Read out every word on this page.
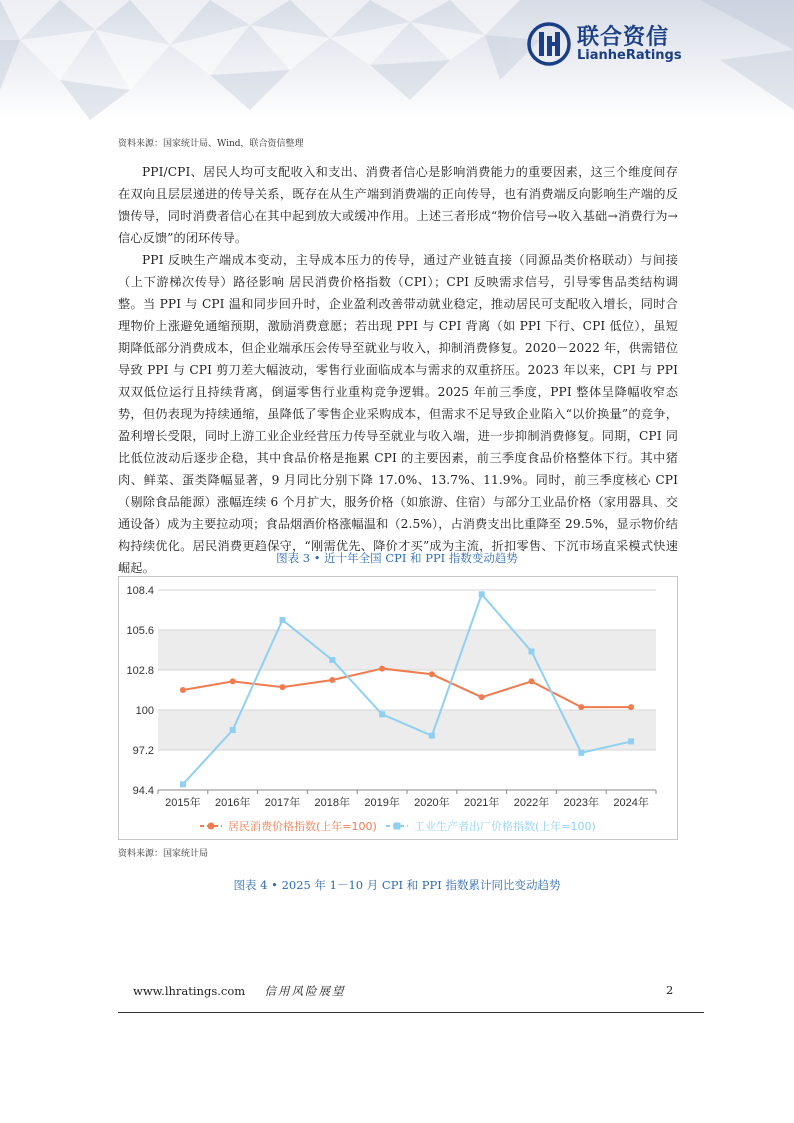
联合资信
LianheRatings
资料来源：国家统计局、Wind，联合资信整理

PPI/CPI、居民人均可支配收入和支出、消费者信心是影响消费能力的重要因素，这三个维度间存在双向且层层递进的传导关系，既存在从生产端到消费端的正向传导，也有消费端反向影响生产端的反馈传导，同时消费者信心在其中起到放大或缓冲作用。上述三者形成“物价信号→收入基础→消费行为→信心反馈”的闭环传导。

PPI 反映生产端成本变动，主导成本压力的传导，通过产业链直接（同源品类价格联动）与间接（上下游梯次传导）路径影响 居民消费价格指数（CPI）；CPI 反映需求信号，引导零售品类结构调整。当 PPI 与 CPI 温和同步回升时，企业盈利改善带动就业稳定，推动居民可支配收入增长，同时合理物价上涨避免通缩预期，激励消费意愿；若出现 PPI 与 CPI 背离（如 PPI 下行、CPI 低位），虽短期降低部分消费成本，但企业端承压会传导至就业与收入，抑制消费修复。2020－2022 年，供需错位导致 PPI 与 CPI 剪刀差大幅波动，零售行业面临成本与需求的双重挤压。2023 年以来，CPI 与 PPI 双双低位运行且持续背离，倒逼零售行业重构竞争逻辑。2025 年前三季度，PPI 整体呈降幅收窄态势，但仍表现为持续通缩，虽降低了零售企业采购成本，但需求不足导致企业陷入“以价换量”的竞争，盈利增长受限，同时上游工业企业经营压力传导至就业与收入端，进一步抑制消费修复。同期，CPI 同比低位波动后逐步企稳，其中食品价格是拖累 CPI 的主要因素，前三季度食品价格整体下行。其中猪肉、鲜菜、蛋类降幅显著，9 月同比分别下降 17.0%、13.7%、11.9%。同时，前三季度核心 CPI（剔除食品能源）涨幅连续 6 个月扩大，服务价格（如旅游、住宿）与部分工业品价格（家用器具、交通设备）成为主要拉动项；食品烟酒价格涨幅温和（2.5%），占消费支出比重降至 29.5%，显示物价结构持续优化。居民消费更趋保守，“刚需优先、降价才买”成为主流，折扣零售、下沉市场直采模式快速崛起。

图表 3 • 近十年全国 CPI 和 PPI 指数变动趋势
108.4
105.6
102.8
100
97.2
94.4
2015年 2016年 2017年 2018年 2019年 2020年 2021年 2022年 2023年 2024年
居民消费价格指数(上年=100)	工业生产者出厂价格指数(上年=100)
资料来源：国家统计局
图表 4 • 2025 年 1－10 月 CPI 和 PPI 指数累计同比变动趋势
www.lhratings.com 信用风险展望	2
